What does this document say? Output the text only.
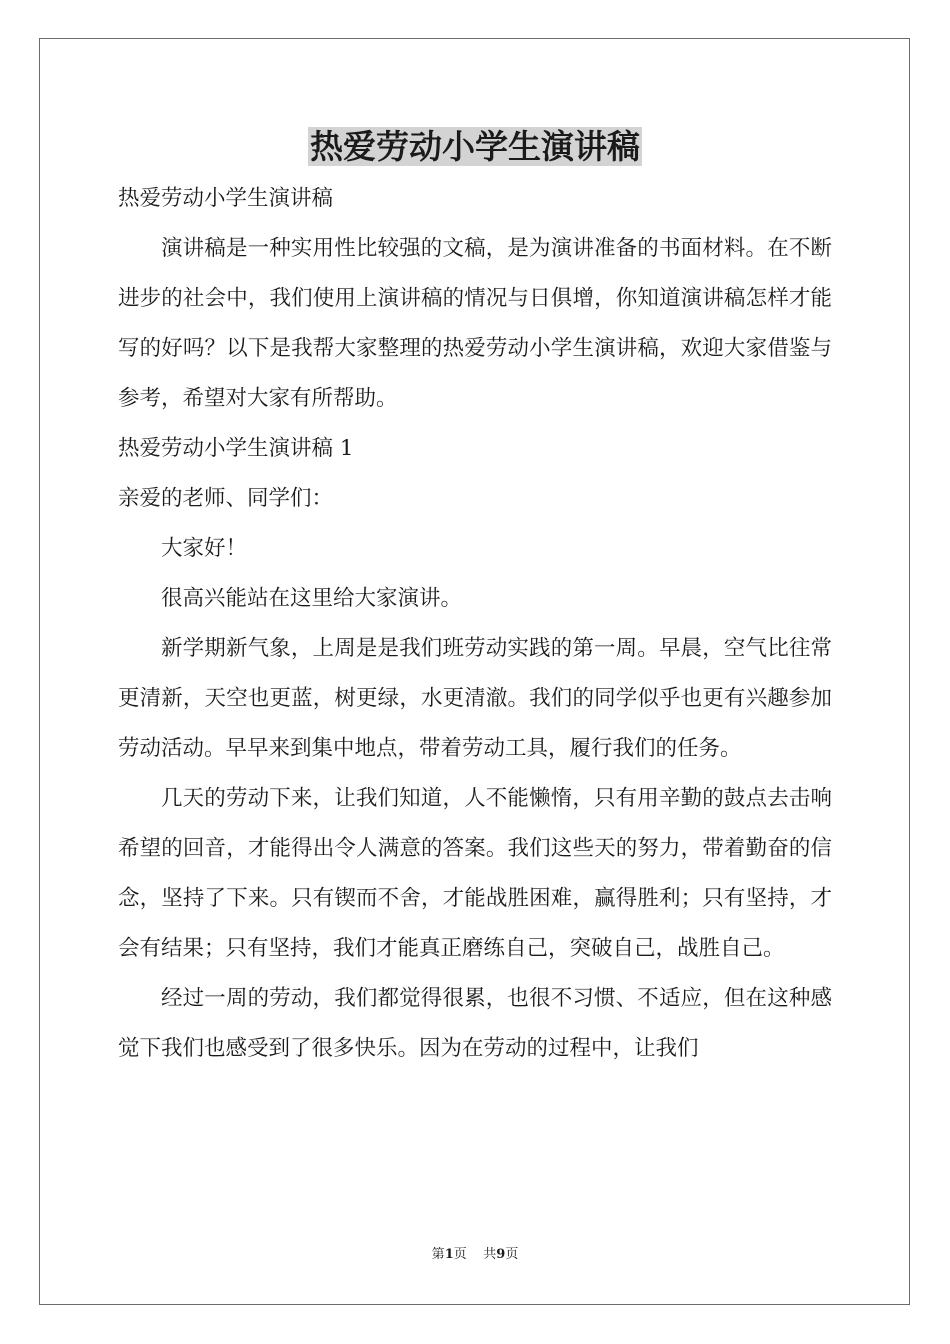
热爱劳动小学生演讲稿

热爱劳动小学生演讲稿

演讲稿是一种实用性比较强的文稿，是为演讲准备的书面材料。在不断进步的社会中，我们使用上演讲稿的情况与日俱增，你知道演讲稿怎样才能写的好吗？以下是我帮大家整理的热爱劳动小学生演讲稿，欢迎大家借鉴与参考，希望对大家有所帮助。

热爱劳动小学生演讲稿 1

亲爱的老师、同学们：

大家好！

很高兴能站在这里给大家演讲。

新学期新气象，上周是是我们班劳动实践的第一周。早晨，空气比往常更清新，天空也更蓝，树更绿，水更清澈。我们的同学似乎也更有兴趣参加劳动活动。早早来到集中地点，带着劳动工具，履行我们的任务。

几天的劳动下来，让我们知道，人不能懒惰，只有用辛勤的鼓点去击响希望的回音，才能得出令人满意的答案。我们这些天的努力，带着勤奋的信念，坚持了下来。只有锲而不舍，才能战胜困难，赢得胜利；只有坚持，才会有结果；只有坚持，我们才能真正磨练自己，突破自己，战胜自己。

经过一周的劳动，我们都觉得很累，也很不习惯、不适应，但在这种感觉下我们也感受到了很多快乐。因为在劳动的过程中，让我们

第1页    共9页
